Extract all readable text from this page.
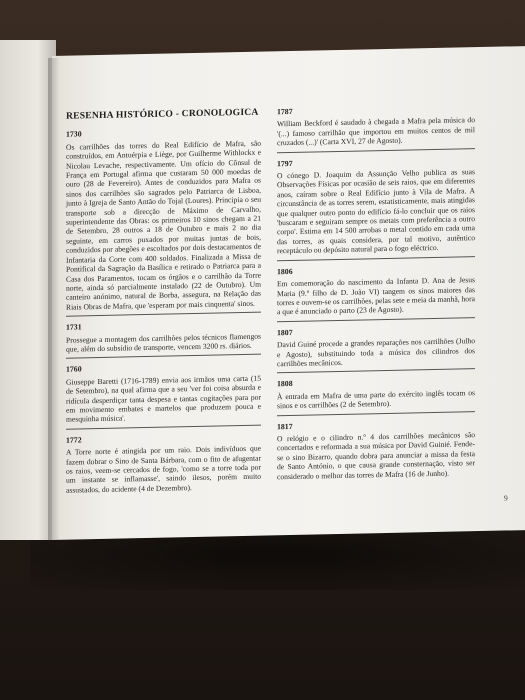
RESENHA HISTÓRICO - CRONOLOGICA
1730
Os carrilhões das torres do Real Edifício de Mafra, são construídos, em Antuérpia e Liège, por Guilherme Withlockx e Nicolau Levache, respectivamente. Um ofício do Cônsul de França em Portugal afirma que custaram 50 000 moedas de ouro (28 de Fevereiro). Antes de conduzidos para Mafra os sinos dos carrilhões são sagrados pelo Patriarca de Lisboa, junto à Igreja de Santo Antão do Tojal (Loures). Principia o seu transporte sob a direcção de Máximo de Carvalho, superintendente das Obras: os primeiros 10 sinos chegam a 21 de Setembro, 28 outros a 18 de Outubro e mais 2 no dia seguinte, em carros puxados por muitas juntas de bois, conduzidos por abegões e escoltados por dois destacamentos de Infantaria da Corte com 400 soldados. Finalizada a Missa de Pontifical da Sagração da Basílica e retirado o Patriarca para a Casa dos Paramentos, tocam os órgãos e o carrilhão da Torre norte, ainda só parcialmente instalado (22 de Outubro). Um canteiro anónimo, natural de Borba, assegura, na Relação das Riais Obras de Mafra, que 'esperam por mais cinquenta' sinos.
1731
Prossegue a montagem dos carrilhões pelos técnicos flamengos que, além do subsídio de transporte, vencem 3200 rs. diários.
1760
Giuseppe Baretti (1716-1789) envia aos irmãos uma carta (15 de Setembro), na qual afirma que a seu 'ver foi coisa absurda e ridícula desperdiçar tanta despesa e tantas cogitações para por em movimento embates e martelos que produzem pouca e mesquinha música'.
1772
A Torre norte é atingida por um raio. Dois indivíduos que fazem dobrar o Sino de Santa Bárbara, com o fito de afugentar os raios, veem-se cercados de fogo, 'como se a torre toda por um instante se inflamasse', saindo ilesos, porém muito assustados, do acidente (4 de Dezembro).
1787
William Beckford é saudado à chegada a Mafra pela música do '(...) famoso carrilhão que importou em muitos centos de mil cruzados (...)' (Carta XVI, 27 de Agosto).
1797
O cónego D. Joaquim da Assunção Velho publica as suas Observações Físicas por ocasião de seis raios, que em diferentes anos, caíram sobre o Real Edifício junto à Vila de Mafra. A circunstância de as torres serem, estatisticamente, mais atingidas que qualquer outro ponto do edifício fá-lo concluir que os raios 'buscaram e seguiram sempre os metais com preferência a outro corpo'. Estima em 14 500 arrobas o metal contido em cada uma das torres, as quais considera, por tal motivo, autêntico receptáculo ou depósito natural para o fogo eléctrico.
1806
Em comemoração do nascimento da Infanta D. Ana de Jesus Maria (9.º filho de D. João VI) tangem os sinos maiores das torres e ouvem-se os carrilhões, pelas sete e meia da manhã, hora a que é anunciado o parto (23 de Agosto).
1807
David Guiné procede a grandes reparações nos carrilhões (Julho e Agosto), substituindo toda a música dos cilindros dos carrilhões mecânicos.
1808
À entrada em Mafra de uma parte do exército inglês tocam os sinos e os carrilhões (2 de Setembro).
1817
O relógio e o cilindro n.º 4 dos carrilhões mecânicos são concertados e reformada a sua música por David Guinié. Fende-se o sino Bizarro, quando dobra para anunciar a missa da festa de Santo António, o que causa grande consternação, visto ser considerado o melhor das torres de Mafra (16 de Junho).
9
